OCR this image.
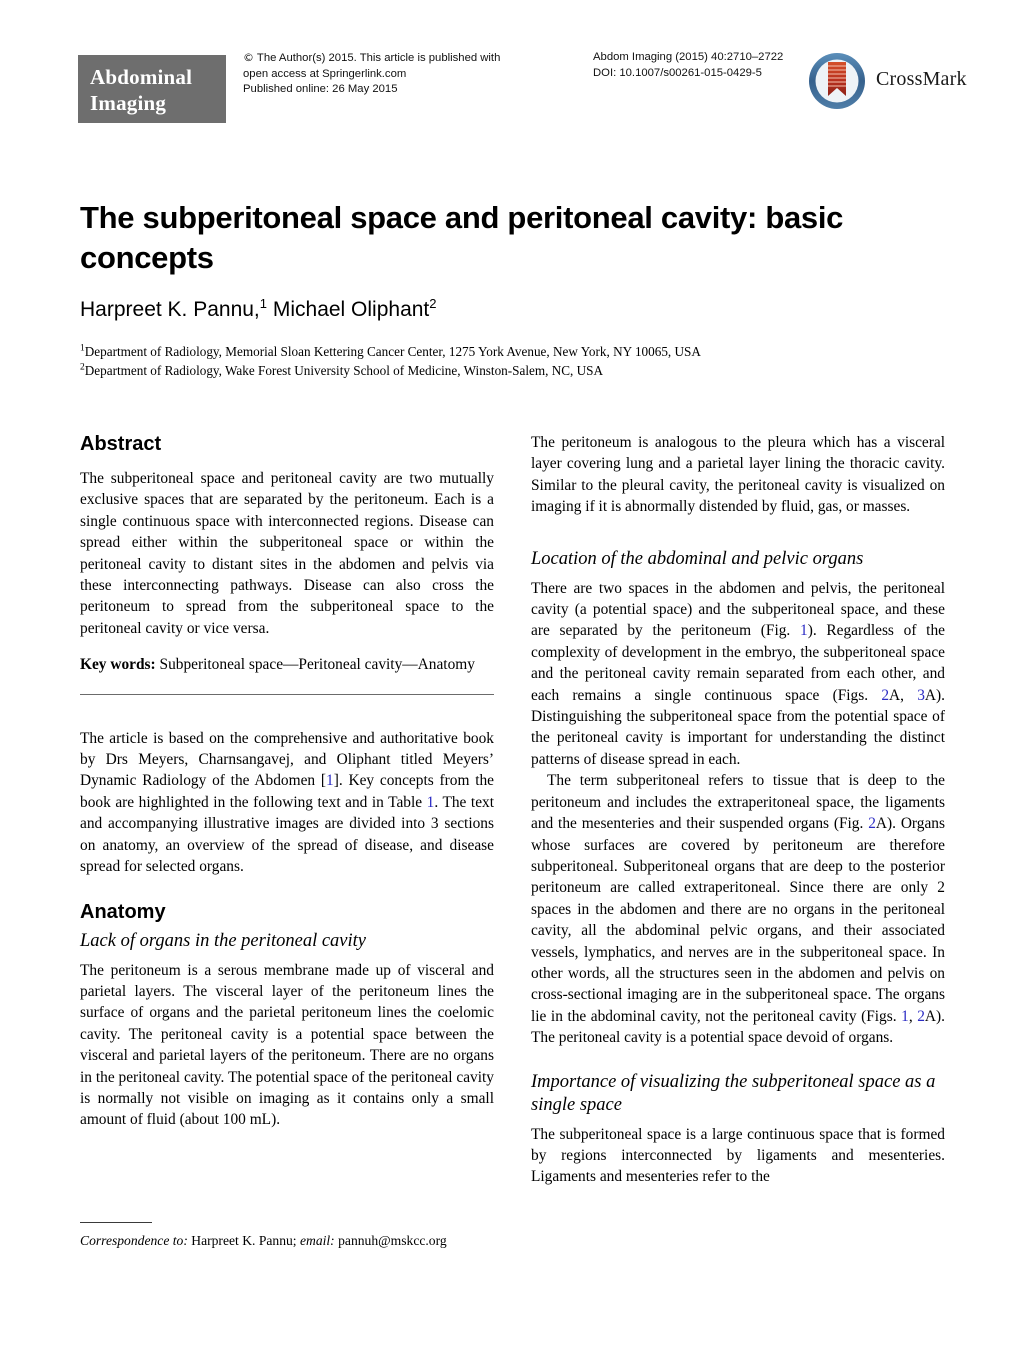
Abdominal
Imaging
© The Author(s) 2015. This article is published with
open access at Springerlink.com
Published online: 26 May 2015
Abdom Imaging (2015) 40:2710–2722
DOI: 10.1007/s00261-015-0429-5	CrossMark
The subperitoneal space and peritoneal cavity: basic concepts

Harpreet K. Pannu,$^1$ Michael Oliphant$^2$

$^1$Department of Radiology, Memorial Sloan Kettering Cancer Center, 1275 York Avenue, New York, NY 10065, USA
$^2$Department of Radiology, Wake Forest University School of Medicine, Winston-Salem, NC, USA
Abstract

The subperitoneal space and peritoneal cavity are two mutually exclusive spaces that are separated by the peritoneum. Each is a single continuous space with interconnected regions. Disease can spread either within the subperitoneal space or within the peritoneal cavity to distant sites in the abdomen and pelvis via these interconnecting pathways. Disease can also cross the peritoneum to spread from the subperitoneal space to the peritoneal cavity or vice versa.

Key words: Subperitoneal space—Peritoneal cavity—Anatomy

The article is based on the comprehensive and authoritative book by Drs Meyers, Charnsangavej, and Oliphant titled Meyers’ Dynamic Radiology of the Abdomen [1]. Key concepts from the book are highlighted in the following text and in Table 1. The text and accompanying illustrative images are divided into 3 sections on anatomy, an overview of the spread of disease, and disease spread for selected organs.

Anatomy
Lack of organs in the peritoneal cavity

The peritoneum is a serous membrane made up of visceral and parietal layers. The visceral layer of the peritoneum lines the surface of organs and the parietal peritoneum lines the coelomic cavity. The peritoneal cavity is a potential space between the visceral and parietal layers of the peritoneum. There are no organs in the peritoneal cavity. The potential space of the peritoneal cavity is normally not visible on imaging as it contains only a small amount of fluid (about 100 mL).

The peritoneum is analogous to the pleura which has a visceral layer covering lung and a parietal layer lining the thoracic cavity. Similar to the pleural cavity, the peritoneal cavity is visualized on imaging if it is abnormally distended by fluid, gas, or masses.

Location of the abdominal and pelvic organs

There are two spaces in the abdomen and pelvis, the peritoneal cavity (a potential space) and the subperitoneal space, and these are separated by the peritoneum (Fig. 1). Regardless of the complexity of development in the embryo, the subperitoneal space and the peritoneal cavity remain separated from each other, and each remains a single continuous space (Figs. 2A, 3A). Distinguishing the subperitoneal space from the potential space of the peritoneal cavity is important for understanding the distinct patterns of disease spread in each.

The term subperitoneal refers to tissue that is deep to the peritoneum and includes the extraperitoneal space, the ligaments and the mesenteries and their suspended organs (Fig. 2A). Organs whose surfaces are covered by peritoneum are therefore subperitoneal. Subperitoneal organs that are deep to the posterior peritoneum are called extraperitoneal. Since there are only 2 spaces in the abdomen and there are no organs in the peritoneal cavity, all the abdominal pelvic organs, and their associated vessels, lymphatics, and nerves are in the subperitoneal space. In other words, all the structures seen in the abdomen and pelvis on cross-sectional imaging are in the subperitoneal space. The organs lie in the abdominal cavity, not the peritoneal cavity (Figs. 1, 2A). The peritoneal cavity is a potential space devoid of organs.

Importance of visualizing the subperitoneal space as a single space

The subperitoneal space is a large continuous space that is formed by regions interconnected by ligaments and mesenteries. Ligaments and mesenteries refer to the

Correspondence to: Harpreet K. Pannu; email: pannuh@mskcc.org
